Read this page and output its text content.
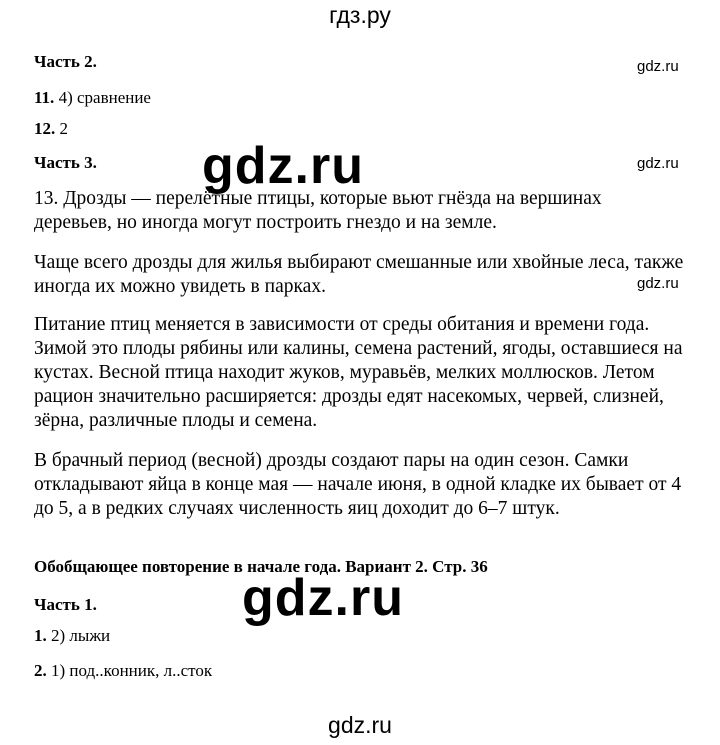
гдз.ру
Часть 2.	gdz.ru
11. 4) сравнение
12. 2
Часть 3. gdz.ru	gdz.ru
13. Дрозды — перелётные птицы, которые вьют гнёзда на вершинах
деревьев, но иногда могут построить гнездо и на земле.
Чаще всего дрозды для жилья выбирают смешанные или хвойные леса, также
иногда их можно увидеть в парках.	gdz.ru
Питание птиц меняется в зависимости от среды обитания и времени года.
Зимой это плоды рябины или калины, семена растений, ягоды, оставшиеся на
кустах. Весной птица находит жуков, муравьёв, мелких моллюсков. Летом
рацион значительно расширяется: дрозды едят насекомых, червей, слизней,
зёрна, различные плоды и семена.
В брачный период (весной) дрозды создают пары на один сезон. Самки
откладывают яйца в конце мая — начале июня, в одной кладке их бывает от 4
до 5, а в редких случаях численность яиц доходит до 6–7 штук.
Обобщающее повторение в начале года. Вариант 2. Стр. 36
Часть 1.	gdz.ru
1. 2) лыжи
2. 1) под..конник, л..сток
gdz.ru
